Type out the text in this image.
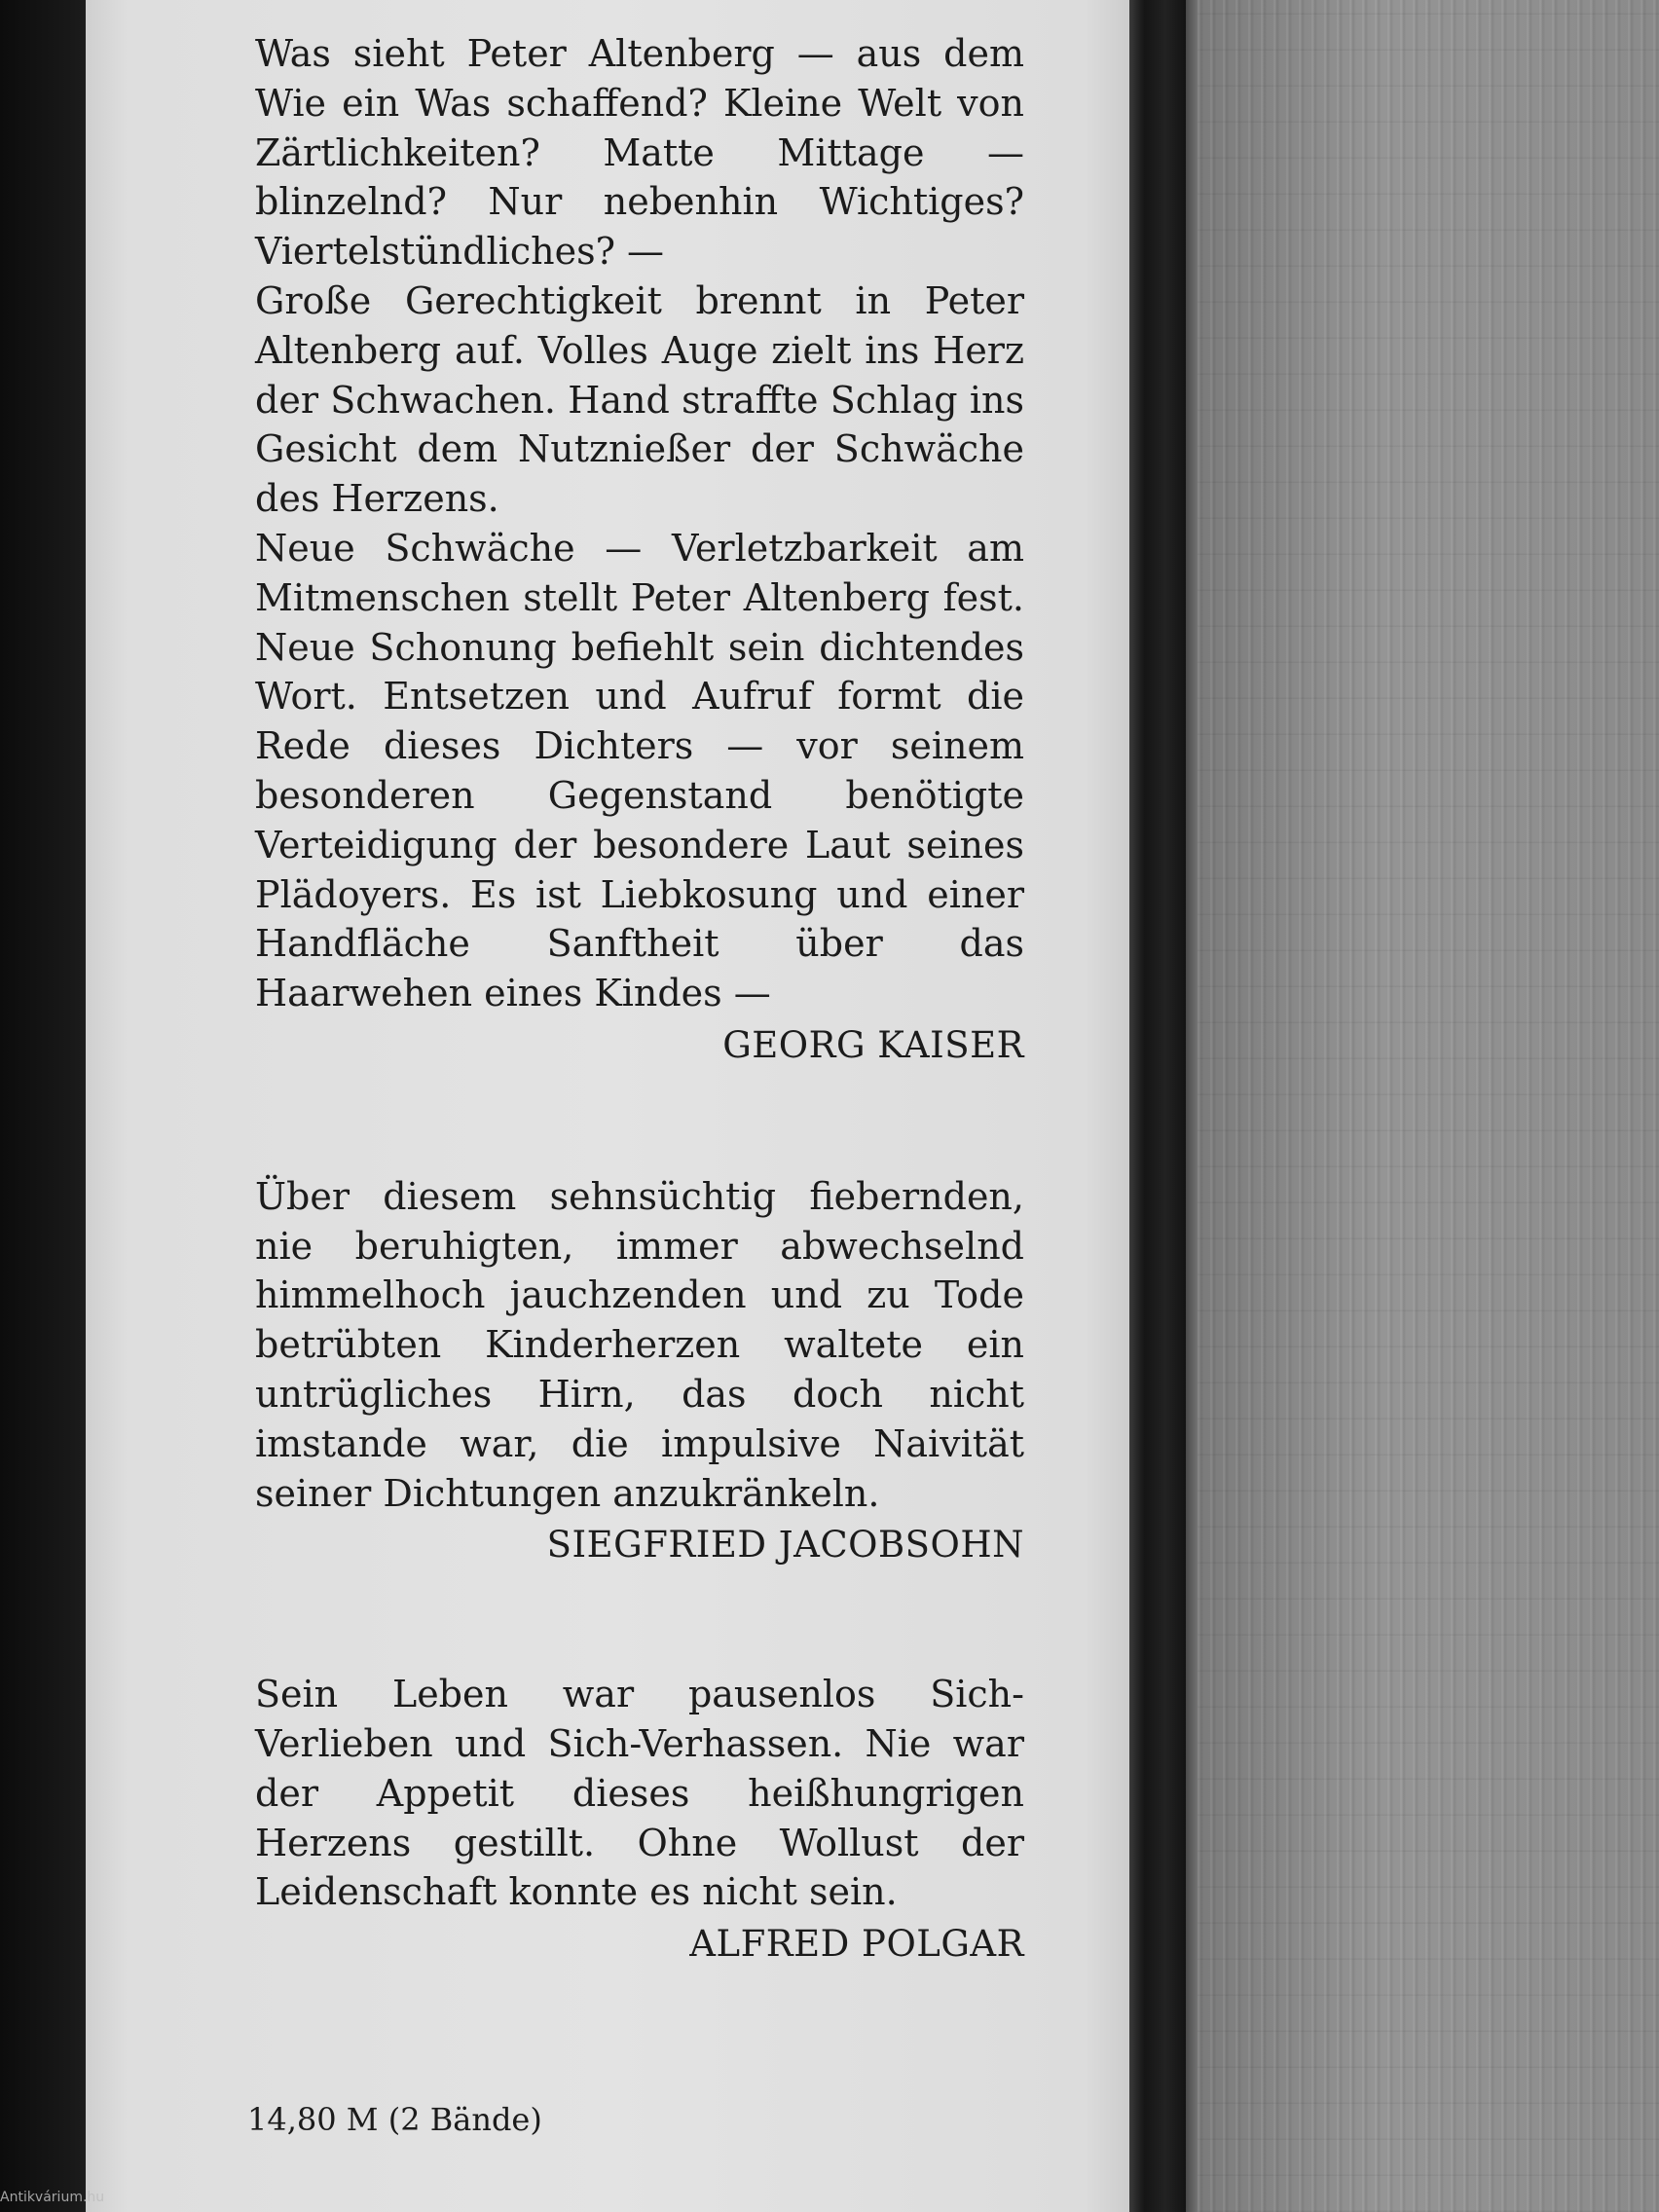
Was sieht Peter Altenberg — aus dem Wie ein Was schaffend? Kleine Welt von Zärtlichkeiten? Matte Mittage — blinzelnd? Nur nebenhin Wichtiges? Viertelstündliches? —

Große Gerechtigkeit brennt in Peter Altenberg auf. Volles Auge zielt ins Herz der Schwachen. Hand straffte Schlag ins Gesicht dem Nutznießer der Schwäche des Herzens.

Neue Schwäche — Verletzbarkeit am Mitmenschen stellt Peter Altenberg fest. Neue Schonung befiehlt sein dichtendes Wort. Entsetzen und Aufruf formt die Rede dieses Dichters — vor seinem besonderen Gegenstand benötigte Verteidigung der besondere Laut seines Plädoyers. Es ist Liebkosung und einer Handfläche Sanftheit über das Haarwehen eines Kindes —

GEORG KAISER

Über diesem sehnsüchtig fiebernden, nie beruhigten, immer abwechselnd himmelhoch jauchzenden und zu Tode betrübten Kinderherzen waltete ein untrügliches Hirn, das doch nicht imstande war, die impulsive Naivität seiner Dichtungen anzukränkeln.

SIEGFRIED JACOBSOHN

Sein Leben war pausenlos Sich-Verlieben und Sich-Verhassen. Nie war der Appetit dieses heißhungrigen Herzens gestillt. Ohne Wollust der Leidenschaft konnte es nicht sein.

ALFRED POLGAR
14,80 M (2 Bände)
Antikvárium.hu
